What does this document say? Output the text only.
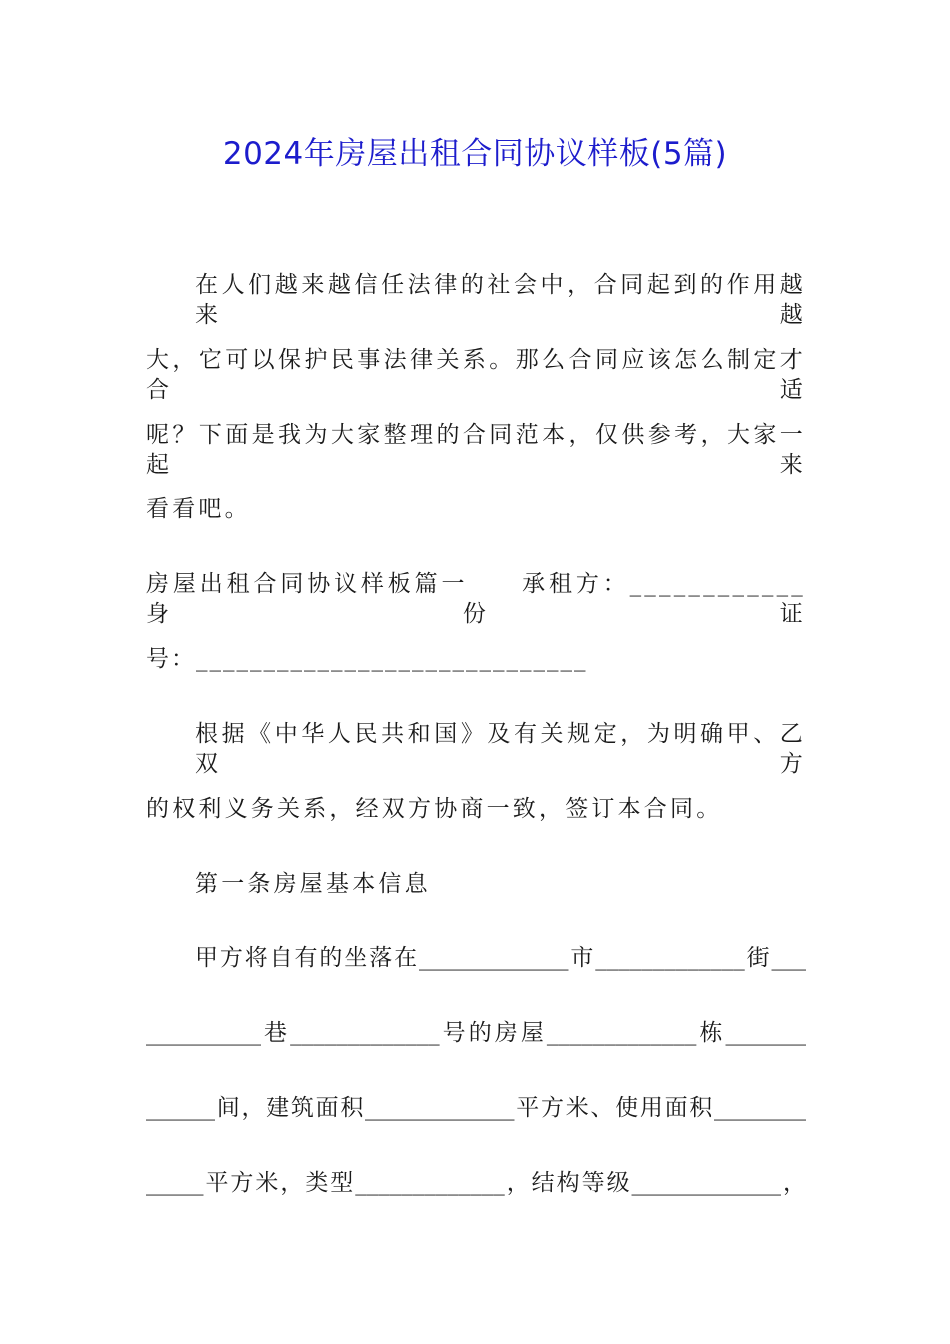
2024年房屋出租合同协议样板(5篇)
在人们越来越信任法律的社会中，合同起到的作用越来越
大，它可以保护民事法律关系。那么合同应该怎么制定才合适
呢？下面是我为大家整理的合同范本，仅供参考，大家一起来
看看吧。
房屋出租合同协议样板篇一　　承租方：____________身份证
号：_____________________________
根据《中华人民共和国》及有关规定，为明确甲、乙双方
的权利义务关系，经双方协商一致，签订本合同。
第一条房屋基本信息
甲方将自有的坐落在_____________市_____________街___
__________巷_____________号的房屋_____________栋_______
______间，建筑面积_____________平方米、使用面积________
_____平方米，类型_____________，结构等级_____________，
